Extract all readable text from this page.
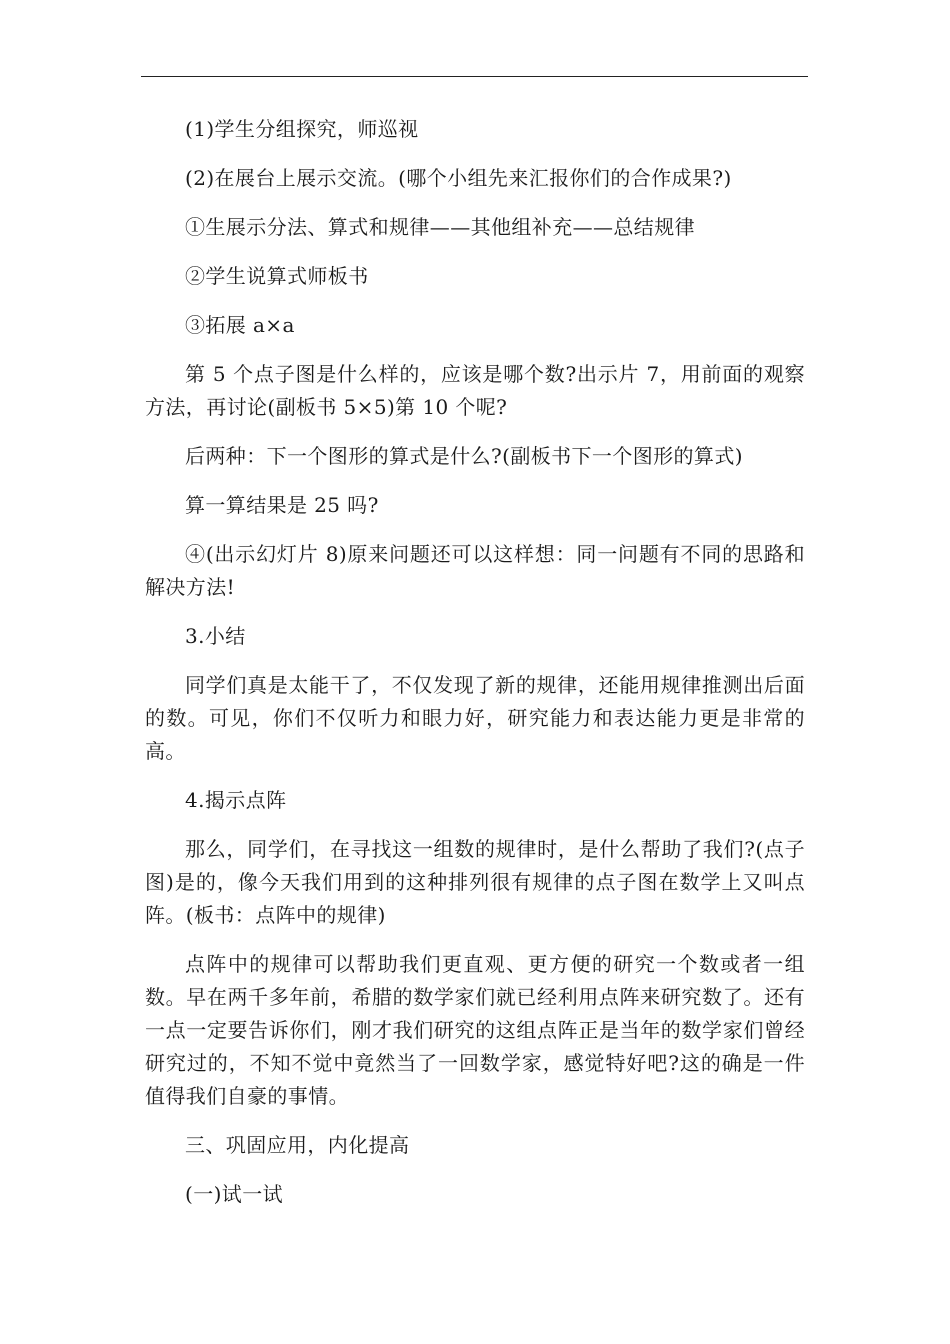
(1)学生分组探究，师巡视

(2)在展台上展示交流。(哪个小组先来汇报你们的合作成果?)

①生展示分法、算式和规律——其他组补充——总结规律

②学生说算式师板书

③拓展 a×a

第 5 个点子图是什么样的，应该是哪个数?出示片 7，用前面的观察方法，再讨论(副板书 5×5)第 10 个呢?

后两种：下一个图形的算式是什么?(副板书下一个图形的算式)

算一算结果是 25 吗?

④(出示幻灯片 8)原来问题还可以这样想：同一问题有不同的思路和解决方法!

3.小结

同学们真是太能干了，不仅发现了新的规律，还能用规律推测出后面的数。可见，你们不仅听力和眼力好，研究能力和表达能力更是非常的高。

4.揭示点阵

那么，同学们，在寻找这一组数的规律时，是什么帮助了我们?(点子图)是的，像今天我们用到的这种排列很有规律的点子图在数学上又叫点阵。(板书：点阵中的规律)

点阵中的规律可以帮助我们更直观、更方便的研究一个数或者一组数。早在两千多年前，希腊的数学家们就已经利用点阵来研究数了。还有一点一定要告诉你们，刚才我们研究的这组点阵正是当年的数学家们曾经研究过的，不知不觉中竟然当了一回数学家，感觉特好吧?这的确是一件值得我们自豪的事情。

三、巩固应用，内化提高

(一)试一试
